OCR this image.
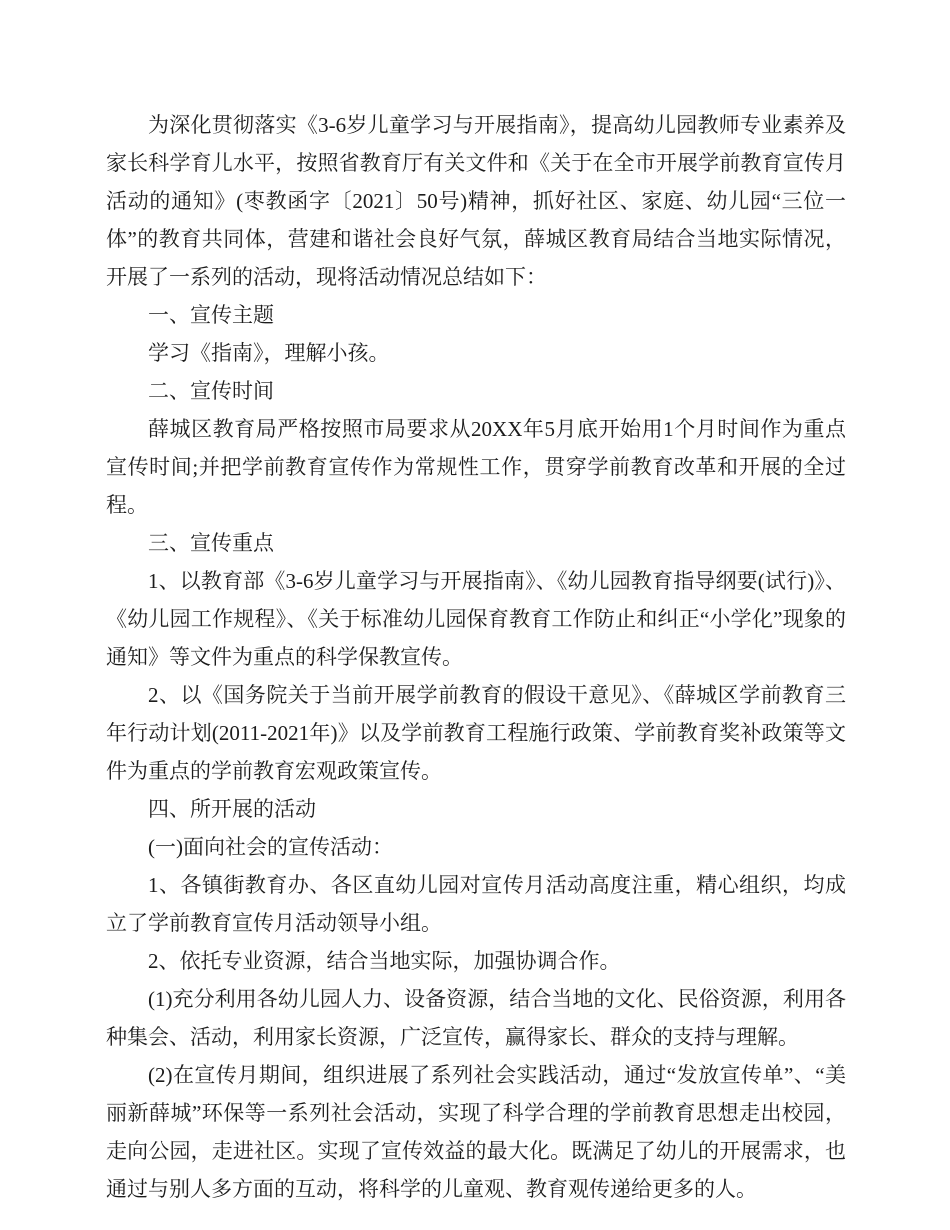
为深化贯彻落实《3-6岁儿童学习与开展指南》，提高幼儿园教师专业素养及家长科学育儿水平，按照省教育厅有关文件和《关于在全市开展学前教育宣传月活动的通知》(枣教函字〔2021〕50号)精神，抓好社区、家庭、幼儿园“三位一体”的教育共同体，营建和谐社会良好气氛，薛城区教育局结合当地实际情况，开展了一系列的活动，现将活动情况总结如下：

一、宣传主题

学习《指南》，理解小孩。

二、宣传时间

薛城区教育局严格按照市局要求从20XX年5月底开始用1个月时间作为重点宣传时间;并把学前教育宣传作为常规性工作，贯穿学前教育改革和开展的全过程。

三、宣传重点

1、以教育部《3-6岁儿童学习与开展指南》、《幼儿园教育指导纲要(试行)》、《幼儿园工作规程》、《关于标准幼儿园保育教育工作防止和纠正“小学化”现象的通知》等文件为重点的科学保教宣传。

2、以《国务院关于当前开展学前教育的假设干意见》、《薛城区学前教育三年行动计划(2011-2021年)》以及学前教育工程施行政策、学前教育奖补政策等文件为重点的学前教育宏观政策宣传。

四、所开展的活动

(一)面向社会的宣传活动：

1、各镇街教育办、各区直幼儿园对宣传月活动高度注重，精心组织，均成立了学前教育宣传月活动领导小组。

2、依托专业资源，结合当地实际，加强协调合作。

(1)充分利用各幼儿园人力、设备资源，结合当地的文化、民俗资源，利用各种集会、活动，利用家长资源，广泛宣传，赢得家长、群众的支持与理解。

(2)在宣传月期间，组织进展了系列社会实践活动，通过“发放宣传单”、“美丽新薛城”环保等一系列社会活动，实现了科学合理的学前教育思想走出校园，走向公园，走进社区。实现了宣传效益的最大化。既满足了幼儿的开展需求，也通过与别人多方面的互动，将科学的儿童观、教育观传递给更多的人。
